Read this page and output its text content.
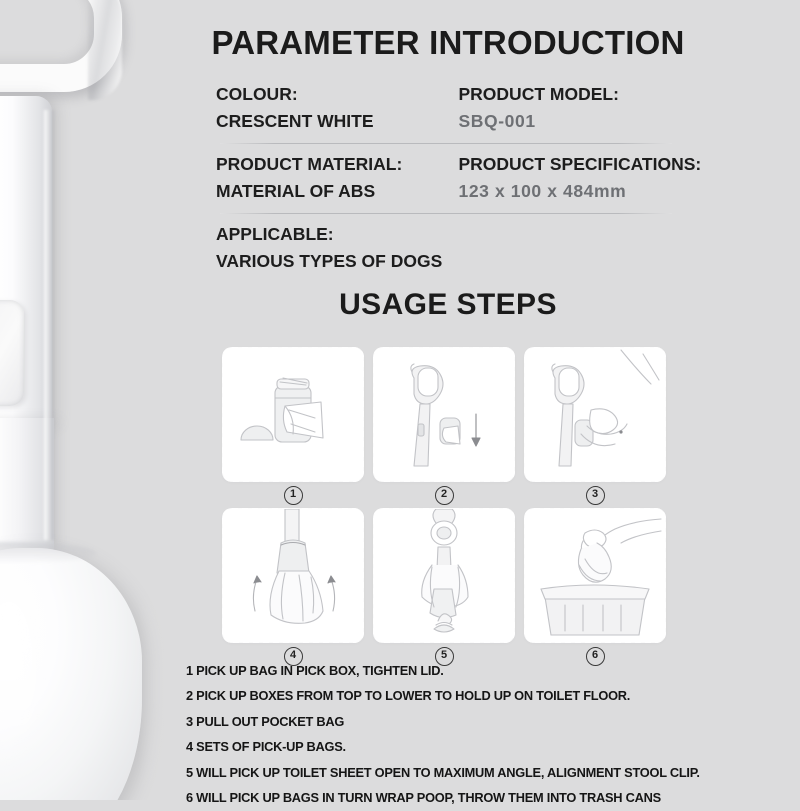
PARAMETER INTRODUCTION
COLOUR:
CRESCENT WHITE
PRODUCT MODEL:
SBQ-001
PRODUCT MATERIAL:
MATERIAL OF ABS
PRODUCT SPECIFICATIONS:
123 x 100 x 484mm
APPLICABLE:
VARIOUS TYPES OF DOGS
USAGE STEPS
1	2	3
4	5	6
1 PICK UP BAG IN PICK BOX, TIGHTEN LID.
2 PICK UP BOXES FROM TOP TO LOWER TO HOLD UP ON TOILET FLOOR.
3 PULL OUT POCKET BAG
4 SETS OF PICK-UP BAGS.
5 WILL PICK UP TOILET SHEET OPEN TO MAXIMUM ANGLE, ALIGNMENT STOOL CLIP.
6 WILL PICK UP BAGS IN TURN WRAP POOP, THROW THEM INTO TRASH CANS
